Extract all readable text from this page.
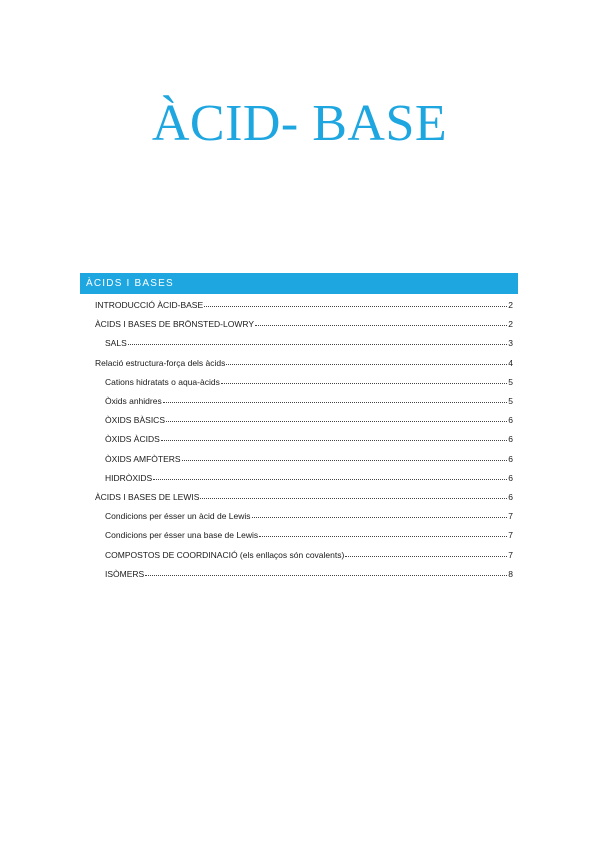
ÀCID- BASE
ÀCIDS I BASES
INTRODUCCIÓ ÀCID-BASE	2
ÀCIDS I BASES DE BRÖNSTED-LOWRY	2
SALS	3
Relació estructura-força dels àcids	4
Cations hidratats o aqua-àcids	5
Òxids anhidres	5
ÒXIDS BÀSICS	6
ÒXIDS ÀCIDS	6
ÒXIDS AMFÒTERS	6
HIDRÒXIDS	6
ÀCIDS I BASES DE LEWIS	6
Condicions per ésser un àcid de Lewis	7
Condicions per ésser una base de Lewis	7
COMPOSTOS DE COORDINACIÓ (els enllaços són covalents)	7
ISÒMERS	8
